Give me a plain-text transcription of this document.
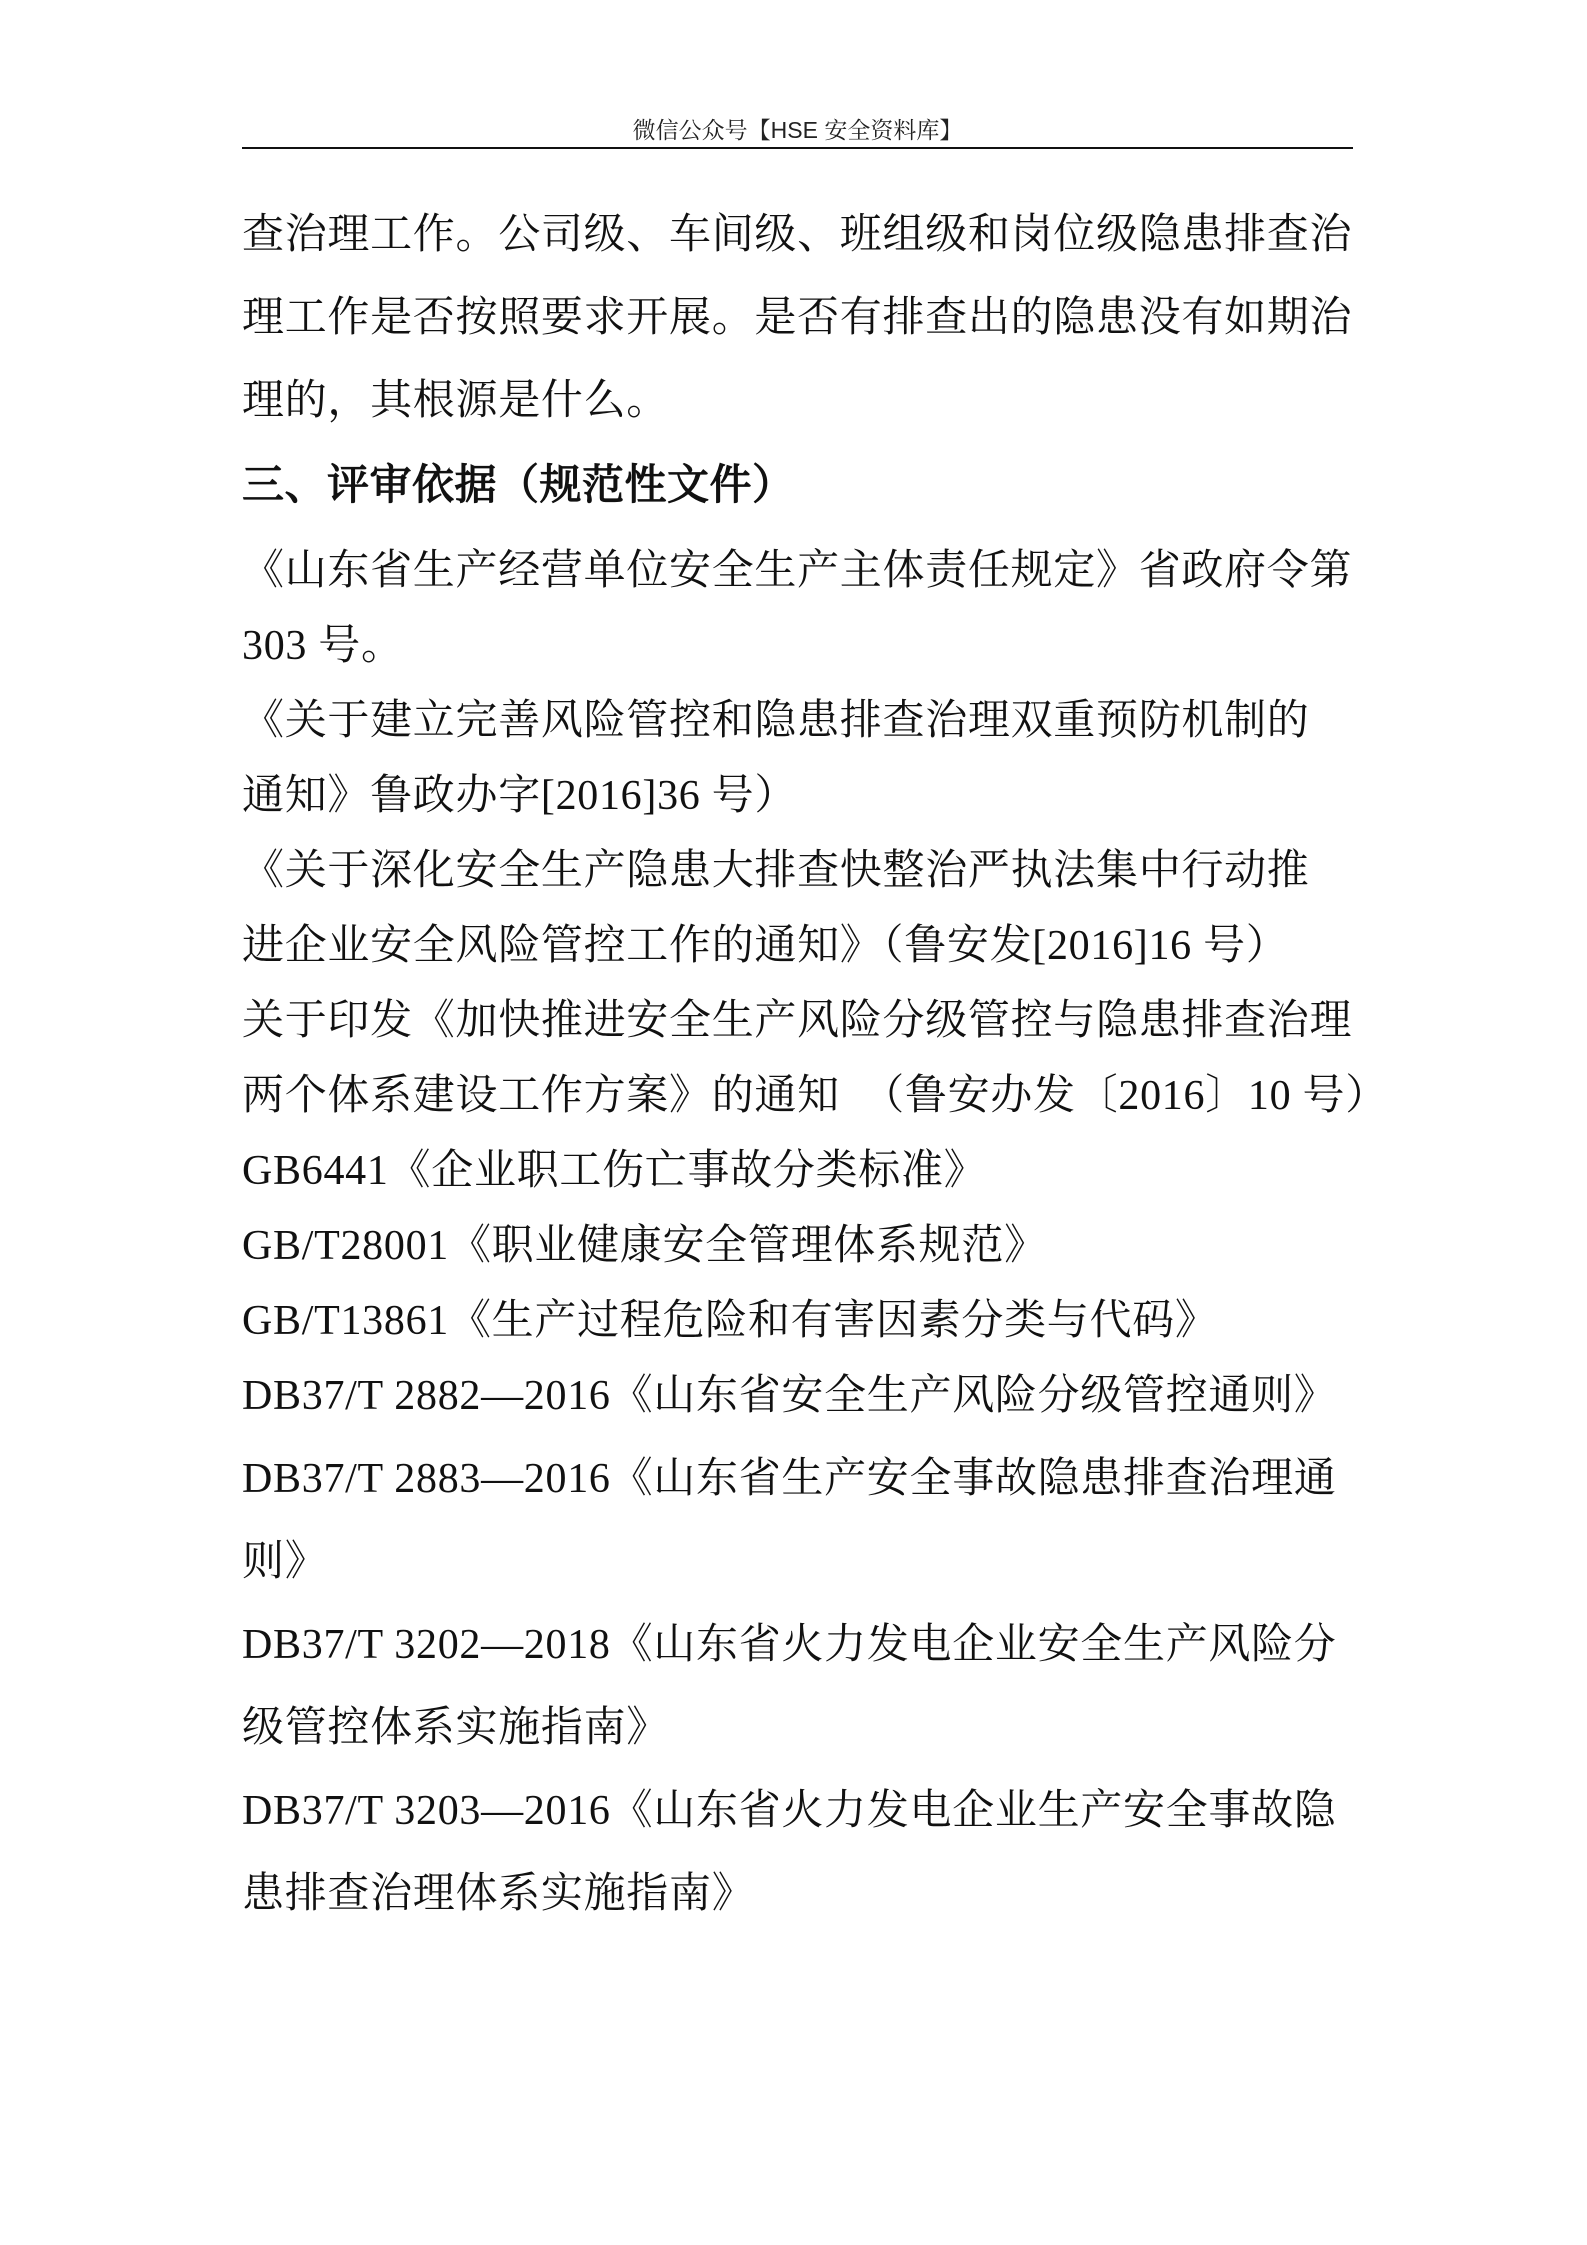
微信公众号【HSE 安全资料库】
查治理工作。公司级、车间级、班组级和岗位级隐患排查治
理工作是否按照要求开展。是否有排查出的隐患没有如期治
理的，其根源是什么。
三、评审依据（规范性文件）
《山东省生产经营单位安全生产主体责任规定》省政府令第
303 号。
《关于建立完善风险管控和隐患排查治理双重预防机制的
通知》鲁政办字[2016]36 号）
《关于深化安全生产隐患大排查快整治严执法集中行动推
进企业安全风险管控工作的通知》（鲁安发[2016]16 号）
关于印发《加快推进安全生产风险分级管控与隐患排查治理
两个体系建设工作方案》的通知  （鲁安办发〔2016〕10 号）
GB6441《企业职工伤亡事故分类标准》
GB/T28001《职业健康安全管理体系规范》
GB/T13861《生产过程危险和有害因素分类与代码》
DB37/T 2882—2016《山东省安全生产风险分级管控通则》
DB37/T 2883—2016《山东省生产安全事故隐患排查治理通
则》
DB37/T 3202—2018《山东省火力发电企业安全生产风险分
级管控体系实施指南》
DB37/T 3203—2016《山东省火力发电企业生产安全事故隐
患排查治理体系实施指南》
